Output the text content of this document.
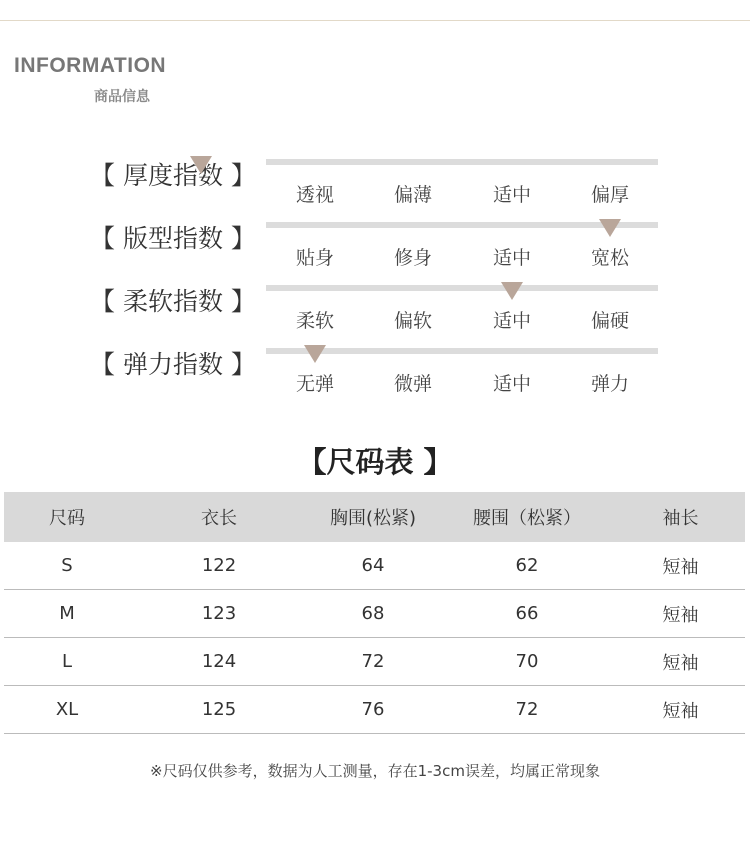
INFORMATION
商品信息
【 厚度指数 】
透视	偏薄	适中	偏厚
【 版型指数 】
贴身	修身	适中	宽松
【 柔软指数 】
柔软	偏软	适中	偏硬
【 弹力指数 】
无弹	微弹	适中	弹力
【尺码表 】
尺码	衣长	胸围(松紧)	腰围（松紧）	袖长
S	122	64	62	短袖
M	123	68	66	短袖
L	124	72	70	短袖
XL	125	76	72	短袖
※尺码仅供参考，数据为人工测量，存在1-3cm误差，均属正常现象
